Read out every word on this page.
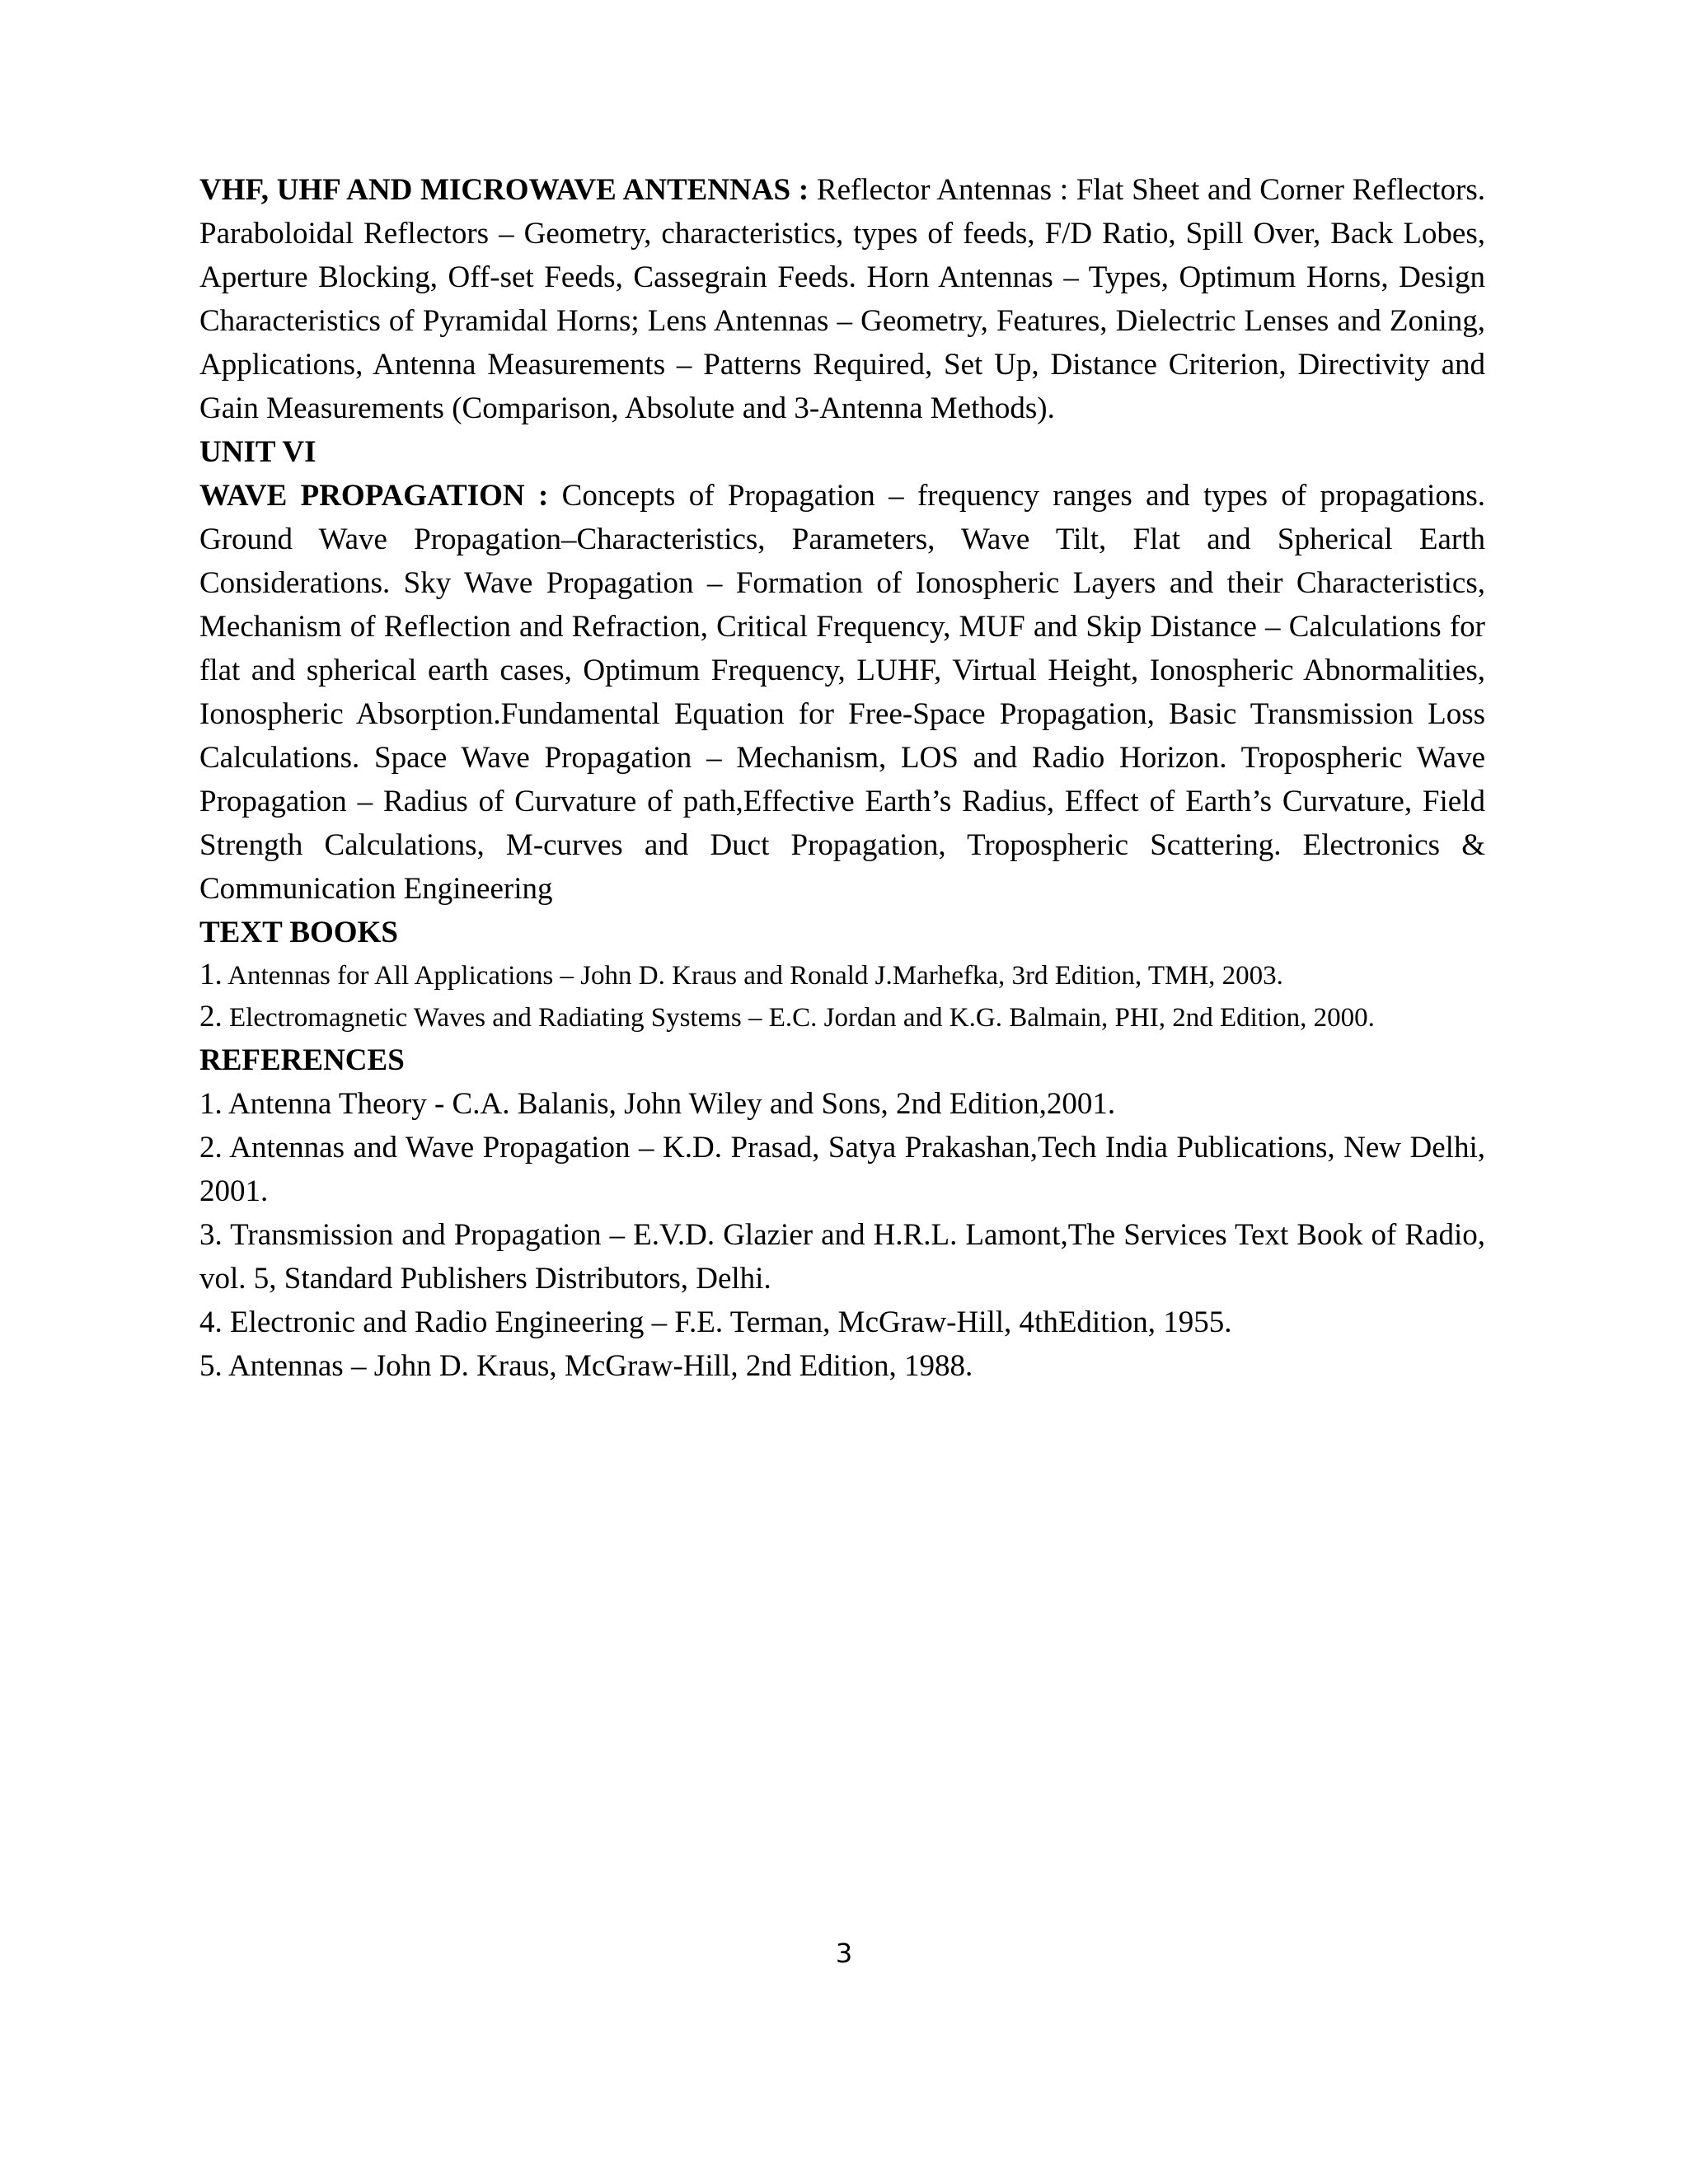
VHF, UHF AND MICROWAVE ANTENNAS : Reflector Antennas : Flat Sheet and Corner Reflectors. Paraboloidal Reflectors – Geometry, characteristics, types of feeds, F/D Ratio, Spill Over, Back Lobes, Aperture Blocking, Off-set Feeds, Cassegrain Feeds. Horn Antennas – Types, Optimum Horns, Design Characteristics of Pyramidal Horns; Lens Antennas – Geometry, Features, Dielectric Lenses and Zoning, Applications, Antenna Measurements – Patterns Required, Set Up, Distance Criterion, Directivity and Gain Measurements (Comparison, Absolute and 3-Antenna Methods).

UNIT VI

WAVE PROPAGATION : Concepts of Propagation – frequency ranges and types of propagations. Ground Wave Propagation–Characteristics, Parameters, Wave Tilt, Flat and Spherical Earth Considerations. Sky Wave Propagation – Formation of Ionospheric Layers and their Characteristics, Mechanism of Reflection and Refraction, Critical Frequency, MUF and Skip Distance – Calculations for flat and spherical earth cases, Optimum Frequency, LUHF, Virtual Height, Ionospheric Abnormalities, Ionospheric Absorption.Fundamental Equation for Free-Space Propagation, Basic Transmission Loss Calculations. Space Wave Propagation – Mechanism, LOS and Radio Horizon. Tropospheric Wave Propagation – Radius of Curvature of path,Effective Earth’s Radius, Effect of Earth’s Curvature, Field Strength Calculations, M-curves and Duct Propagation, Tropospheric Scattering. Electronics & Communication Engineering

TEXT BOOKS

1. Antennas for All Applications – John D. Kraus and Ronald J.Marhefka, 3rd Edition, TMH, 2003.

2. Electromagnetic Waves and Radiating Systems – E.C. Jordan and K.G. Balmain, PHI, 2nd Edition, 2000.

REFERENCES

1. Antenna Theory - C.A. Balanis, John Wiley and Sons, 2nd Edition,2001.

2. Antennas and Wave Propagation – K.D. Prasad, Satya Prakashan,Tech India Publications, New Delhi, 2001.

3. Transmission and Propagation – E.V.D. Glazier and H.R.L. Lamont,The Services Text Book of Radio, vol. 5, Standard Publishers Distributors, Delhi.

4. Electronic and Radio Engineering – F.E. Terman, McGraw-Hill, 4thEdition, 1955.

5. Antennas – John D. Kraus, McGraw-Hill, 2nd Edition, 1988.

3
